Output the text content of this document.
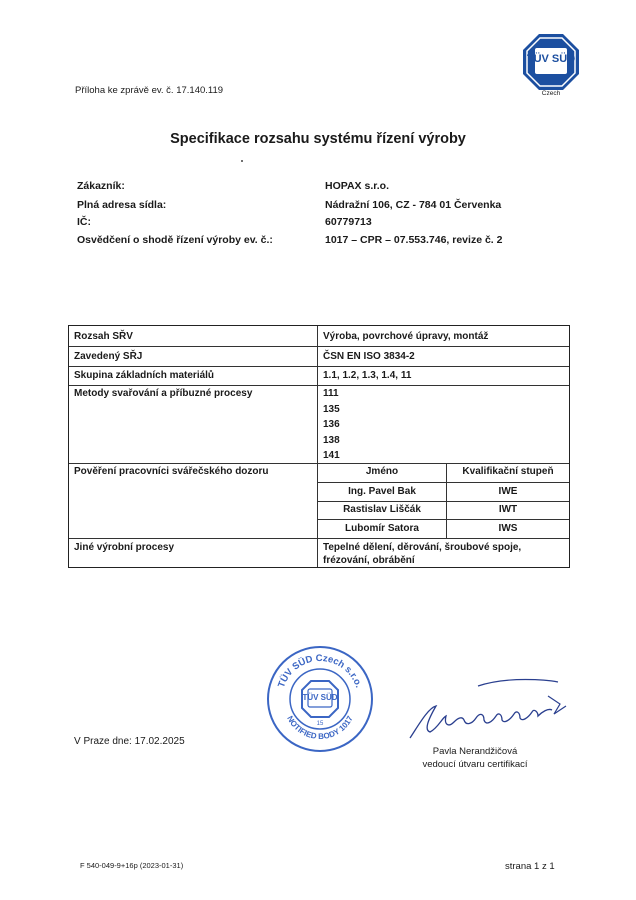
Příloha ke zprávě ev. č. 17.140.119
TÜV SÜD
Czech
Specifikace rozsahu systému řízení výroby
Zákazník:	HOPAX s.r.o.
Plná adresa sídla:	Nádražní 106, CZ - 784 01 Červenka
IČ:	60779713
Osvědčení o shodě řízení výroby ev. č.:	1017 – CPR – 07.553.746, revize č. 2
Rozsah SŘV	Výroba, povrchové úpravy, montáž
Zavedený SŘJ	ČSN EN ISO 3834-2
Skupina základních materiálů	1.1, 1.2, 1.3, 1.4, 11
Metody svařování a příbuzné procesy	111
135
136
138
141
Pověření pracovníci svářečského dozoru	Jméno	Kvalifikační stupeň
Ing. Pavel Bak	IWE
Rastislav Liščák	IWT
Lubomír Satora	IWS
Jiné výrobní procesy	Tepelné dělení, děrování, šroubové spoje,
frézování, obrábění
TÜV SÜD Czech s.r.o.
NOTIFIED BODY 1017
TÜV SÜD
15
V Praze dne: 17.02.2025
Pavla Nerandžičová
vedoucí útvaru certifikací
F 540-049-9+16p (2023-01-31)	strana 1 z 1
